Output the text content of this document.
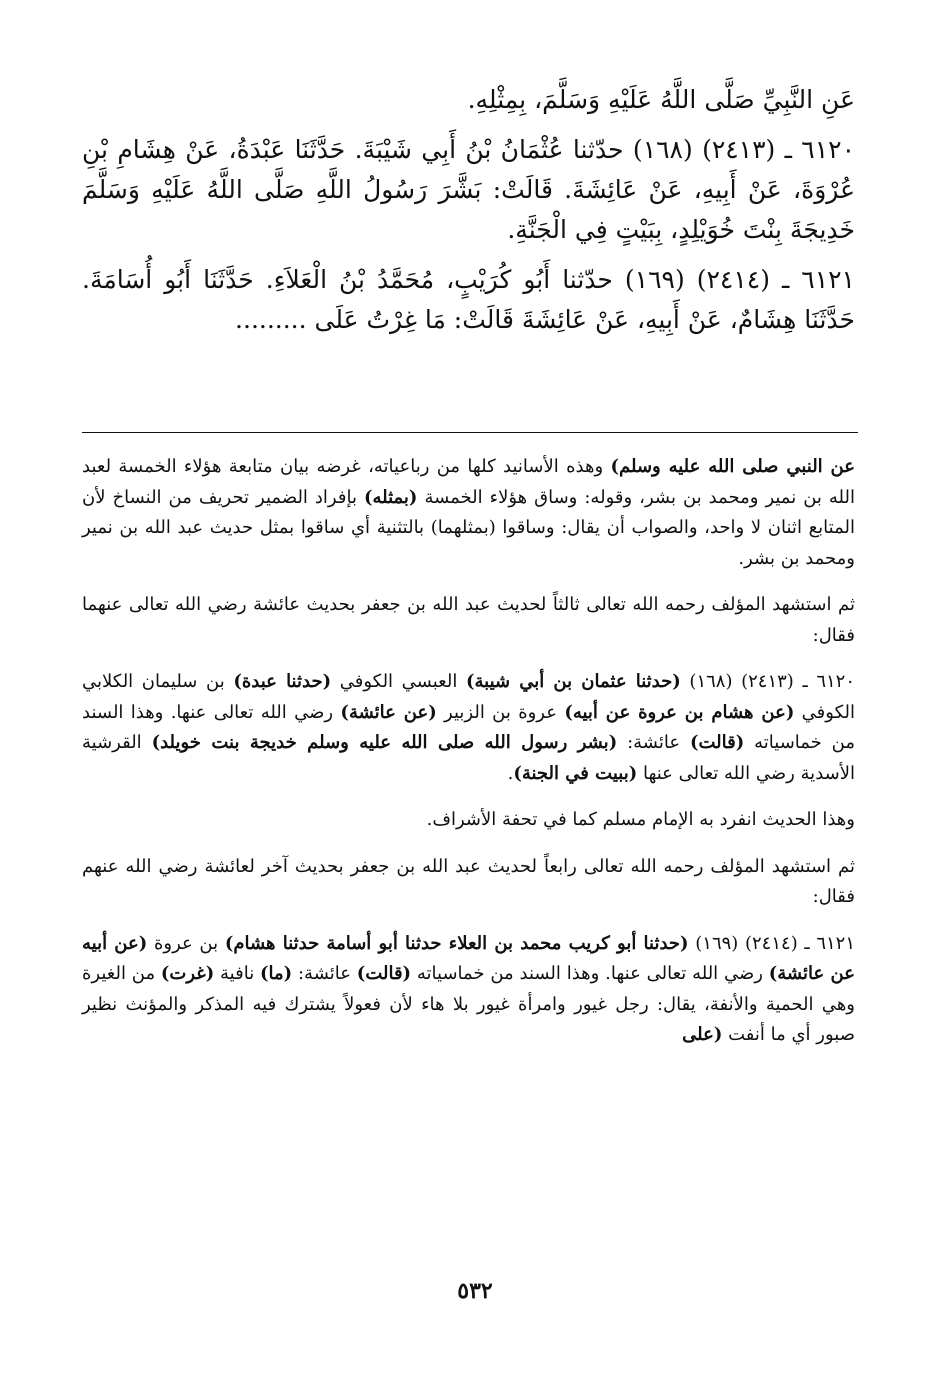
عَنِ النَّبِيِّ صَلَّى اللَّهُ عَلَيْهِ وَسَلَّمَ، بِمِثْلِهِ.

٦١٢٠ ـ (٢٤١٣) (١٦٨) حدّثنا عُثْمَانُ بْنُ أَبِي شَيْبَةَ. حَدَّثَنَا عَبْدَةُ، عَنْ هِشَامِ بْنِ عُرْوَةَ، عَنْ أَبِيهِ، عَنْ عَائِشَةَ. قَالَتْ: بَشَّرَ رَسُولُ اللَّهِ صَلَّى اللَّهُ عَلَيْهِ وَسَلَّمَ خَدِيجَةَ بِنْتَ خُوَيْلِدٍ، بِبَيْتٍ فِي الْجَنَّةِ.

٦١٢١ ـ (٢٤١٤) (١٦٩) حدّثنا أَبُو كُرَيْبٍ، مُحَمَّدُ بْنُ الْعَلاَءِ. حَدَّثَنَا أَبُو أُسَامَةَ. حَدَّثَنَا هِشَامٌ، عَنْ أَبِيهِ، عَنْ عَائِشَةَ قَالَتْ: مَا غِرْتُ عَلَى .........

عن النبي صلى الله عليه وسلم) وهذه الأسانيد كلها من رباعياته، غرضه بيان متابعة هؤلاء الخمسة لعبد الله بن نمير ومحمد بن بشر، وقوله: وساق هؤلاء الخمسة (بمثله) بإفراد الضمير تحريف من النساخ لأن المتابع اثنان لا واحد، والصواب أن يقال: وساقوا (بمثلهما) بالتثنية أي ساقوا بمثل حديث عبد الله بن نمير ومحمد بن بشر.

ثم استشهد المؤلف رحمه الله تعالى ثالثاً لحديث عبد الله بن جعفر بحديث عائشة رضي الله تعالى عنهما فقال:

٦١٢٠ ـ (٢٤١٣) (١٦٨) (حدثنا عثمان بن أبي شيبة) العبسي الكوفي (حدثنا عبدة) بن سليمان الكلابي الكوفي (عن هشام بن عروة عن أبيه) عروة بن الزبير (عن عائشة) رضي الله تعالى عنها. وهذا السند من خماسياته (قالت) عائشة: (بشر رسول الله صلى الله عليه وسلم خديجة بنت خويلد) القرشية الأسدية رضي الله تعالى عنها (ببيت في الجنة).

وهذا الحديث انفرد به الإمام مسلم كما في تحفة الأشراف.

ثم استشهد المؤلف رحمه الله تعالى رابعاً لحديث عبد الله بن جعفر بحديث آخر لعائشة رضي الله عنهم فقال:

٦١٢١ ـ (٢٤١٤) (١٦٩) (حدثنا أبو كريب محمد بن العلاء حدثنا أبو أسامة حدثنا هشام) بن عروة (عن أبيه عن عائشة) رضي الله تعالى عنها. وهذا السند من خماسياته (قالت) عائشة: (ما) نافية (غرت) من الغيرة وهي الحمية والأنفة، يقال: رجل غيور وامرأة غيور بلا هاء لأن فعولاً يشترك فيه المذكر والمؤنث نظير صبور أي ما أنفت (على

٥٣٢
